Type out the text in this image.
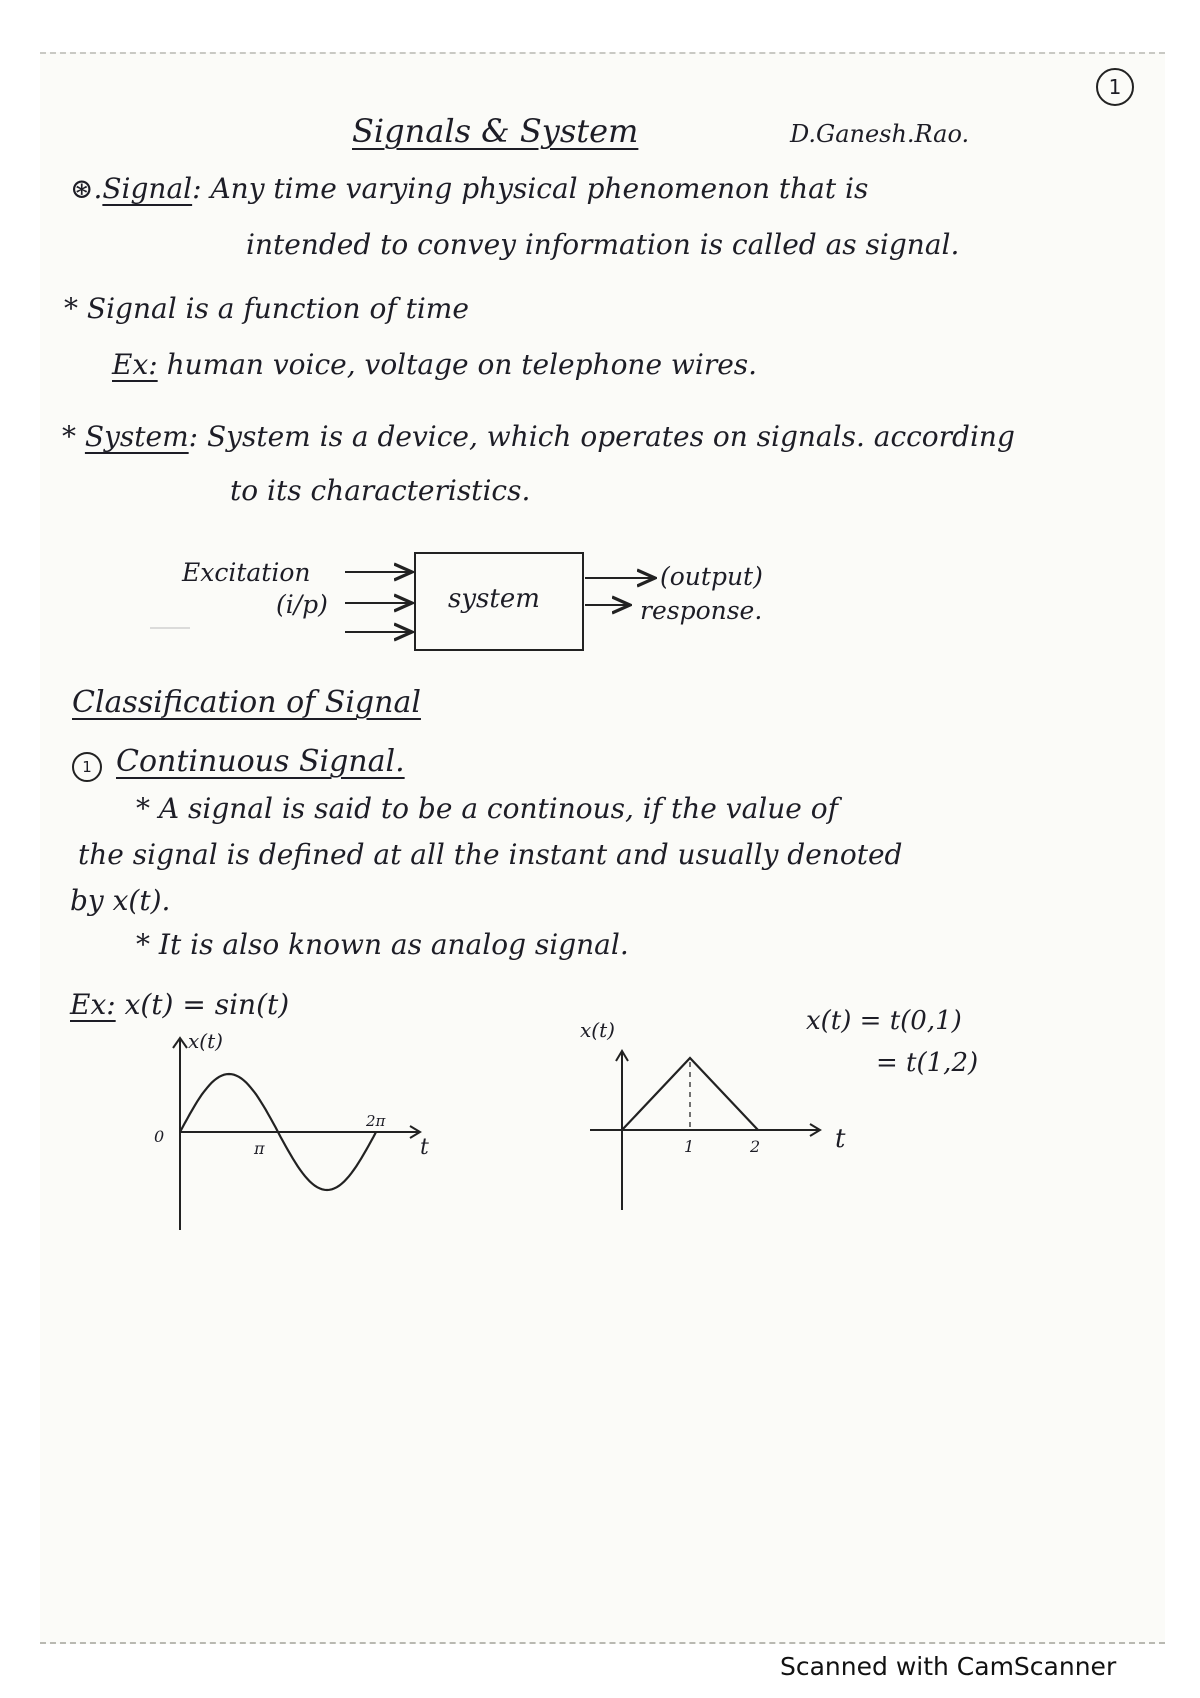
1
Signals & System	D.Ganesh.Rao.
⊛.Signal: Any time varying physical phenomenon that is
intended to convey information is called as signal.
* Signal is a function of time
Ex: human voice, voltage on telephone wires.
* System: System is a device, which operates on signals. according
to its characteristics.
Excitation
(i/p)	system
(output)
response.
Classification of Signal
1 Continuous Signal.
* A signal is said to be a continous, if the value of
the signal is defined at all the instant and usually denoted
by x(t).
* It is also known as analog signal.
Ex: x(t) = sin(t)
x(t)
0
π
2π
t
x(t)
1	2	t
x(t) = t(0,1)
= t(1,2)
Scanned with CamScanner
